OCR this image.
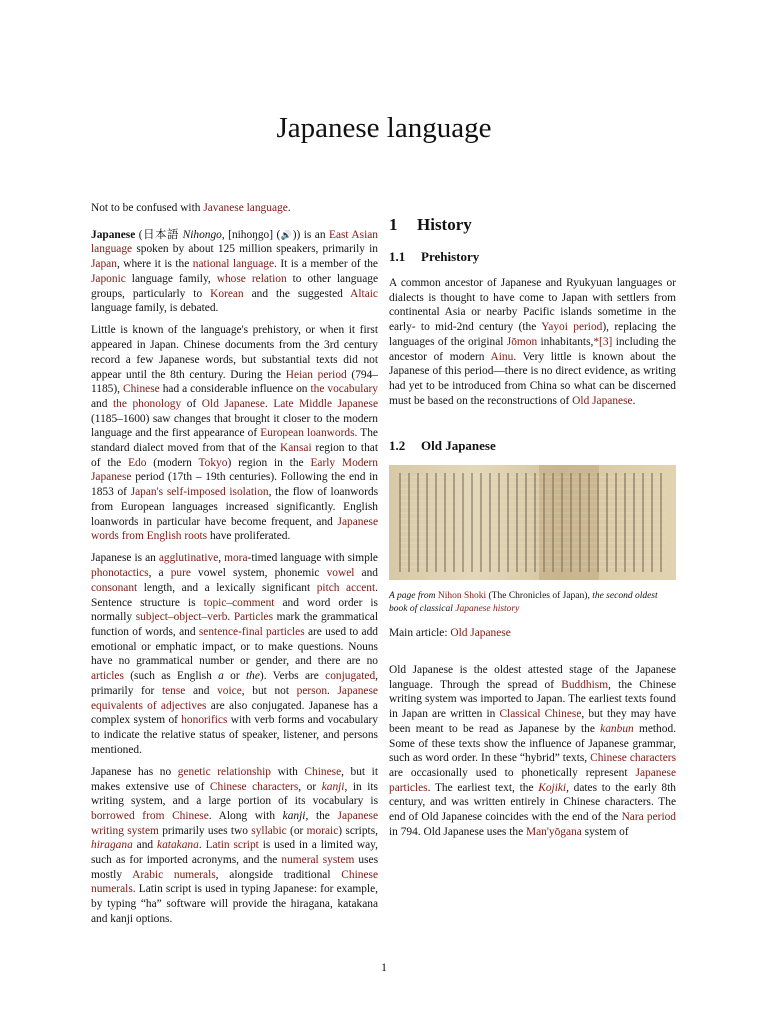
Japanese language

Not to be confused with Javanese language.

Japanese (日本語 Nihongo, [nihoŋgo] (🔊)) is an East Asian language spoken by about 125 million speakers, primarily in Japan, where it is the national language. It is a member of the Japonic language family, whose relation to other language groups, particularly to Korean and the suggested Altaic language family, is debated.

Little is known of the language's prehistory, or when it first appeared in Japan. Chinese documents from the 3rd century record a few Japanese words, but substantial texts did not appear until the 8th century. During the Heian period (794–1185), Chinese had a considerable influence on the vocabulary and the phonology of Old Japanese. Late Middle Japanese (1185–1600) saw changes that brought it closer to the modern language and the first appearance of European loanwords. The standard dialect moved from that of the Kansai region to that of the Edo (modern Tokyo) region in the Early Modern Japanese period (17th – 19th centuries). Following the end in 1853 of Japan's self-imposed isolation, the flow of loanwords from European languages increased significantly. English loanwords in particular have become frequent, and Japanese words from English roots have proliferated.

Japanese is an agglutinative, mora-timed language with simple phonotactics, a pure vowel system, phonemic vowel and consonant length, and a lexically significant pitch accent. Sentence structure is topic–comment and word order is normally subject–object–verb. Particles mark the grammatical function of words, and sentence-final particles are used to add emotional or emphatic impact, or to make questions. Nouns have no grammatical number or gender, and there are no articles (such as English a or the). Verbs are conjugated, primarily for tense and voice, but not person. Japanese equivalents of adjectives are also conjugated. Japanese has a complex system of honorifics with verb forms and vocabulary to indicate the relative status of speaker, listener, and persons mentioned.

Japanese has no genetic relationship with Chinese, but it makes extensive use of Chinese characters, or kanji, in its writing system, and a large portion of its vocabulary is borrowed from Chinese. Along with kanji, the Japanese writing system primarily uses two syllabic (or moraic) scripts, hiragana and katakana. Latin script is used in a limited way, such as for imported acronyms, and the numeral system uses mostly Arabic numerals, alongside traditional Chinese numerals. Latin script is used in typing Japanese: for example, by typing “ha” software will provide the hiragana, katakana and kanji options.

1 History
1.1 Prehistory

A common ancestor of Japanese and Ryukyuan languages or dialects is thought to have come to Japan with settlers from continental Asia or nearby Pacific islands sometime in the early- to mid-2nd century (the Yayoi period), replacing the languages of the original Jōmon inhabitants,*[3] including the ancestor of modern Ainu. Very little is known about the Japanese of this period—there is no direct evidence, as writing had yet to be introduced from China so what can be discerned must be based on the reconstructions of Old Japanese.

1.2 Old Japanese

A page from Nihon Shoki (The Chronicles of Japan), the second oldest book of classical Japanese history

Main article: Old Japanese

Old Japanese is the oldest attested stage of the Japanese language. Through the spread of Buddhism, the Chinese writing system was imported to Japan. The earliest texts found in Japan are written in Classical Chinese, but they may have been meant to be read as Japanese by the kanbun method. Some of these texts show the influence of Japanese grammar, such as word order. In these “hybrid” texts, Chinese characters are occasionally used to phonetically represent Japanese particles. The earliest text, the Kojiki, dates to the early 8th century, and was written entirely in Chinese characters. The end of Old Japanese coincides with the end of the Nara period in 794. Old Japanese uses the Man'yōgana system of

1
